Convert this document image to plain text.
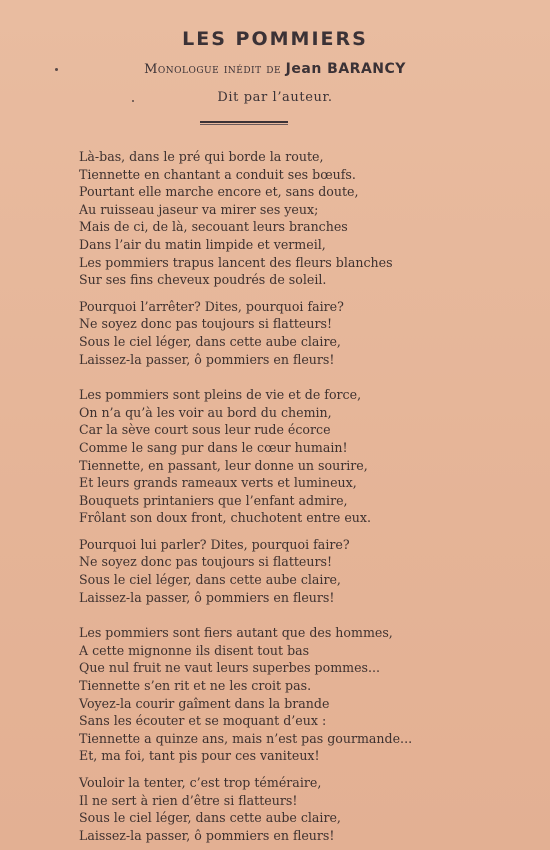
LES POMMIERS
Monologue inédit de Jean BARANCY
Dit par l’auteur.
Là-bas, dans le pré qui borde la route,
Tiennette en chantant a conduit ses bœufs.
Pourtant elle marche encore et, sans doute,
Au ruisseau jaseur va mirer ses yeux;
Mais de ci, de là, secouant leurs branches
Dans l’air du matin limpide et vermeil,
Les pommiers trapus lancent des fleurs blanches
Sur ses fins cheveux poudrés de soleil.
Pourquoi l’arrêter? Dites, pourquoi faire?
Ne soyez donc pas toujours si flatteurs!
Sous le ciel léger, dans cette aube claire,
Laissez-la passer, ô pommiers en fleurs!
Les pommiers sont pleins de vie et de force,
On n’a qu’à les voir au bord du chemin,
Car la sève court sous leur rude écorce
Comme le sang pur dans le cœur humain!
Tiennette, en passant, leur donne un sourire,
Et leurs grands rameaux verts et lumineux,
Bouquets printaniers que l’enfant admire,
Frôlant son doux front, chuchotent entre eux.
Pourquoi lui parler? Dites, pourquoi faire?
Ne soyez donc pas toujours si flatteurs!
Sous le ciel léger, dans cette aube claire,
Laissez-la passer, ô pommiers en fleurs!
Les pommiers sont fiers autant que des hommes,
A cette mignonne ils disent tout bas
Que nul fruit ne vaut leurs superbes pommes...
Tiennette s’en rit et ne les croit pas.
Voyez-la courir gaîment dans la brande
Sans les écouter et se moquant d’eux :
Tiennette a quinze ans, mais n’est pas gourmande...
Et, ma foi, tant pis pour ces vaniteux!
Vouloir la tenter, c’est trop téméraire,
Il ne sert à rien d’être si flatteurs!
Sous le ciel léger, dans cette aube claire,
Laissez-la passer, ô pommiers en fleurs!
